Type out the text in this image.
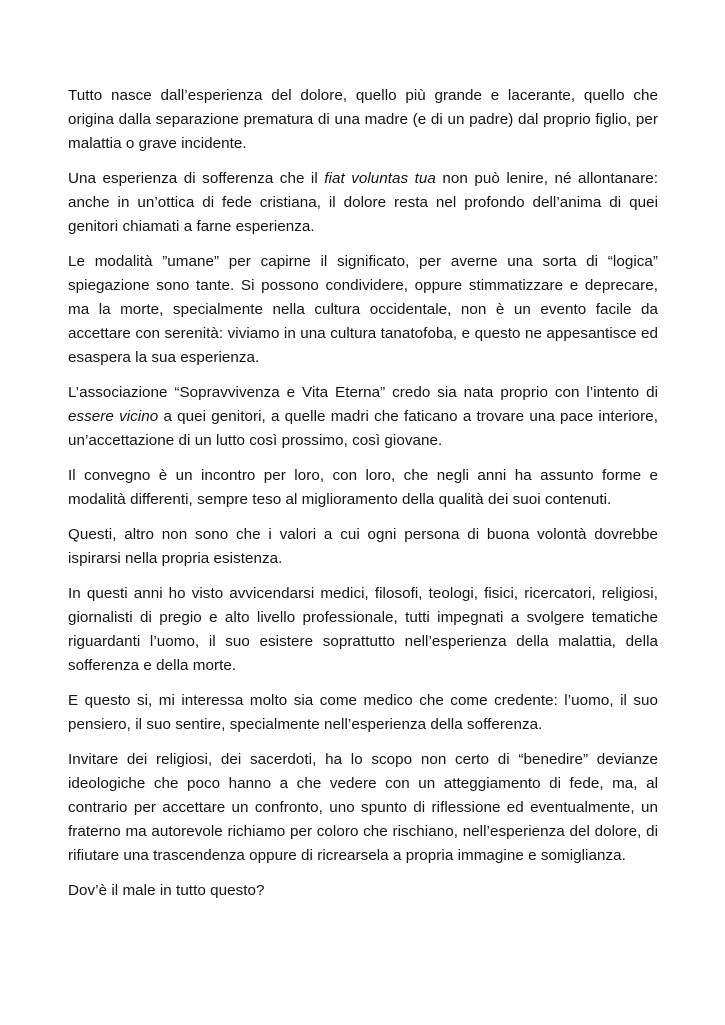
Tutto nasce dall’esperienza del dolore, quello più grande e lacerante, quello che origina dalla separazione prematura di una madre (e di un padre) dal proprio figlio, per malattia o grave incidente.

Una esperienza di sofferenza che il fiat voluntas tua non può lenire, né allontanare: anche in un’ottica di fede cristiana, il dolore resta nel profondo dell’anima di quei genitori chiamati a farne esperienza.

Le modalità ”umane” per capirne il significato, per averne una sorta di “logica” spiegazione sono tante. Si possono condividere, oppure stimmatizzare e deprecare, ma la morte, specialmente nella cultura occidentale, non è un evento facile da accettare con serenità: viviamo in una cultura tanatofoba, e questo ne appesantisce ed esaspera la sua esperienza.

L’associazione “Sopravvivenza e Vita Eterna” credo sia nata proprio con l’intento di essere vicino a quei genitori, a quelle madri che faticano a trovare una pace interiore, un’accettazione di un lutto così prossimo, così giovane.

Il convegno è un incontro per loro, con loro, che negli anni ha assunto forme e modalità differenti, sempre teso al miglioramento della qualità dei suoi contenuti.

Questi, altro non sono che i valori a cui ogni persona di buona volontà dovrebbe ispirarsi nella propria esistenza.

In questi anni ho visto avvicendarsi medici, filosofi, teologi, fisici, ricercatori, religiosi, giornalisti di pregio e alto livello professionale, tutti impegnati a svolgere tematiche riguardanti l’uomo, il suo esistere soprattutto nell’esperienza della malattia, della sofferenza e della morte.

E questo si, mi interessa molto sia come medico che come credente: l’uomo, il suo pensiero, il suo sentire, specialmente nell’esperienza della sofferenza.

Invitare dei religiosi, dei sacerdoti, ha lo scopo non certo di “benedire” devianze ideologiche che poco hanno a che vedere con un atteggiamento di fede, ma, al contrario per accettare un confronto, uno spunto di riflessione ed eventualmente, un fraterno ma autorevole richiamo per coloro che rischiano, nell’esperienza del dolore, di rifiutare una trascendenza oppure di ricrearsela a propria immagine e somiglianza.

Dov’è il male in tutto questo?
